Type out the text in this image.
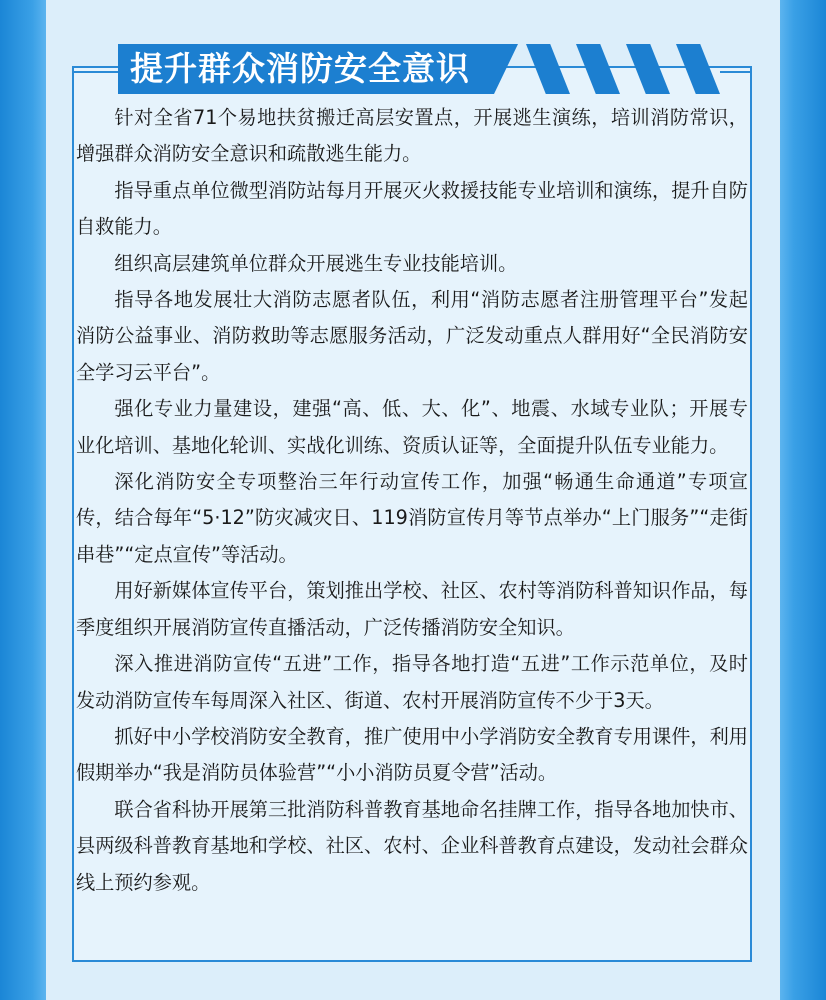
提升群众消防安全意识

针对全省71个易地扶贫搬迁高层安置点，开展逃生演练，培训消防常识，增强群众消防安全意识和疏散逃生能力。

指导重点单位微型消防站每月开展灭火救援技能专业培训和演练，提升自防自救能力。

组织高层建筑单位群众开展逃生专业技能培训。

指导各地发展壮大消防志愿者队伍，利用“消防志愿者注册管理平台”发起消防公益事业、消防救助等志愿服务活动，广泛发动重点人群用好“全民消防安全学习云平台”。

强化专业力量建设，建强“高、低、大、化”、地震、水域专业队；开展专业化培训、基地化轮训、实战化训练、资质认证等，全面提升队伍专业能力。

深化消防安全专项整治三年行动宣传工作，加强“畅通生命通道”专项宣传，结合每年“5·12”防灾减灾日、119消防宣传月等节点举办“上门服务”“走街串巷”“定点宣传”等活动。

用好新媒体宣传平台，策划推出学校、社区、农村等消防科普知识作品，每季度组织开展消防宣传直播活动，广泛传播消防安全知识。

深入推进消防宣传“五进”工作，指导各地打造“五进”工作示范单位，及时发动消防宣传车每周深入社区、街道、农村开展消防宣传不少于3天。

抓好中小学校消防安全教育，推广使用中小学消防安全教育专用课件，利用假期举办“我是消防员体验营”“小小消防员夏令营”活动。

联合省科协开展第三批消防科普教育基地命名挂牌工作，指导各地加快市、县两级科普教育基地和学校、社区、农村、企业科普教育点建设，发动社会群众线上预约参观。
